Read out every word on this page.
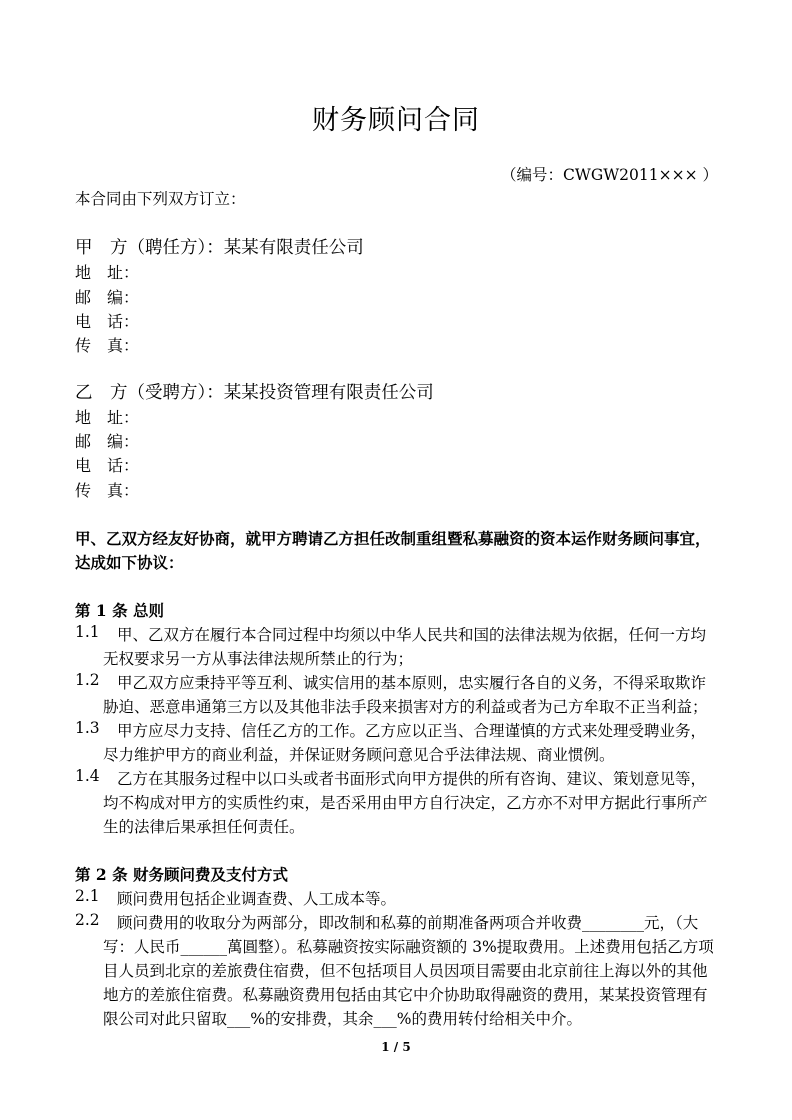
财务顾问合同
（编号：CWGW2011××× ）
本合同由下列双方订立：
甲　方（聘任方）：某某有限责任公司
地　址：
邮　编：
电　话：
传　真：
乙　方（受聘方）：某某投资管理有限责任公司
地　址：
邮　编：
电　话：
传　真：
甲、乙双方经友好协商，就甲方聘请乙方担任改制重组暨私募融资的资本运作财务顾问事宜，
达成如下协议：
第 1 条 总则
1.1 甲、乙双方在履行本合同过程中均须以中华人民共和国的法律法规为依据，任何一方均
无权要求另一方从事法律法规所禁止的行为；
1.2 甲乙双方应秉持平等互利、诚实信用的基本原则，忠实履行各自的义务，不得采取欺诈
胁迫、恶意串通第三方以及其他非法手段来损害对方的利益或者为己方牟取不正当利益；
1.3 甲方应尽力支持、信任乙方的工作。乙方应以正当、合理谨慎的方式来处理受聘业务，
尽力维护甲方的商业利益，并保证财务顾问意见合乎法律法规、商业惯例。
1.4 乙方在其服务过程中以口头或者书面形式向甲方提供的所有咨询、建议、策划意见等，
均不构成对甲方的实质性约束，是否采用由甲方自行决定，乙方亦不对甲方据此行事所产
生的法律后果承担任何责任。
第 2 条 财务顾问费及支付方式
2.1 顾问费用包括企业调查费、人工成本等。
2.2 顾问费用的收取分为两部分，即改制和私募的前期准备两项合并收费________元，（大
写：人民币______萬圓整）。私募融资按实际融资额的 3%提取费用。上述费用包括乙方项
目人员到北京的差旅费住宿费，但不包括项目人员因项目需要由北京前往上海以外的其他
地方的差旅住宿费。私募融资费用包括由其它中介协助取得融资的费用，某某投资管理有
限公司对此只留取___%的安排费，其余___%的费用转付给相关中介。
1 / 5
